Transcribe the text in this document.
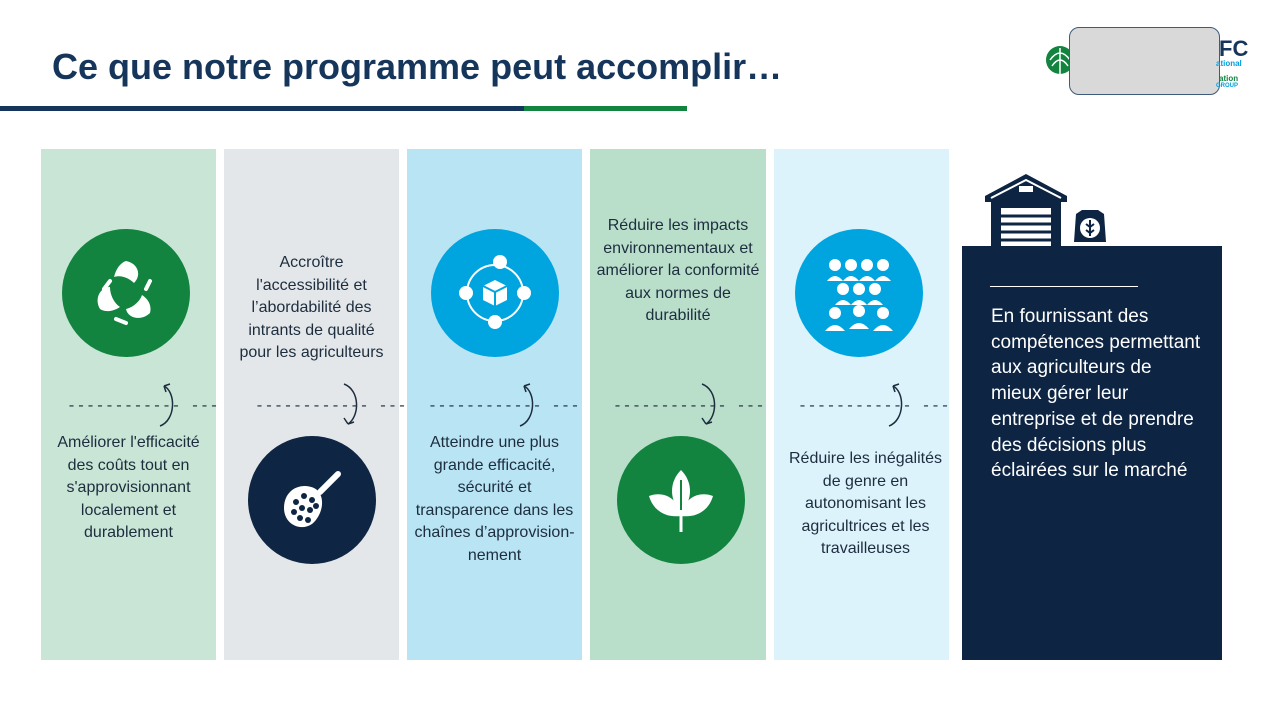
Ce que notre programme peut accomplir…	FC
ational
ation
GROUP
Améliorer l'efficacité des coûts tout en s'approvisionnant localement et durablement
Accroître l'accessibilité et l’abordabilité des intrants de qualité pour les agriculteurs
Atteindre une plus grande efficacité, sécurité et transparence dans les chaînes d’approvision-nement
Réduire les impacts environnementaux et améliorer la conformité aux normes de durabilité
Réduire les inégalités de genre en autonomisant les agricultrices et les travailleuses
------------ --- ------------ --- ------------ --- ------------ --- ------------ ---

En fournissant des compétences permettant aux agriculteurs de mieux gérer leur entreprise et de prendre des décisions plus éclairées sur le marché
